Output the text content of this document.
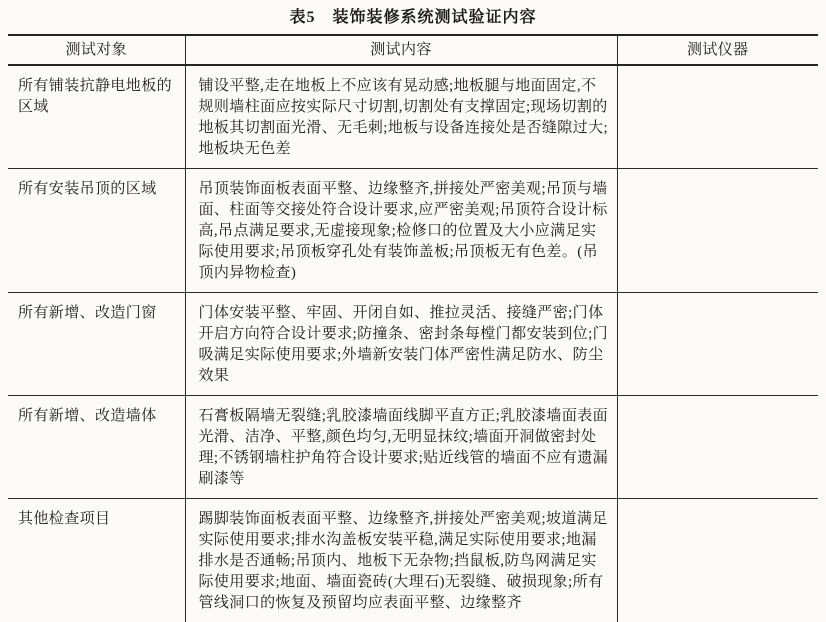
表5　装饰装修系统测试验证内容
测试对象	测试内容	测试仪器
所有铺装抗静电地板的区域	铺设平整,走在地板上不应该有晃动感;地板腿与地面固定,不规则墙柱面应按实际尺寸切割,切割处有支撑固定;现场切割的地板其切割面光滑、无毛刺;地板与设备连接处是否缝隙过大;地板块无色差	
所有安装吊顶的区域	吊顶装饰面板表面平整、边缘整齐,拼接处严密美观;吊顶与墙面、柱面等交接处符合设计要求,应严密美观;吊顶符合设计标高,吊点满足要求,无虚接现象;检修口的位置及大小应满足实际使用要求;吊顶板穿孔处有装饰盖板;吊顶板无有色差。(吊顶内异物检查)	
所有新增、改造门窗	门体安装平整、牢固、开闭自如、推拉灵活、接缝严密;门体开启方向符合设计要求;防撞条、密封条每樘门都安装到位;门吸满足实际使用要求;外墙新安装门体严密性满足防水、防尘效果	
所有新增、改造墙体	石膏板隔墙无裂缝;乳胶漆墙面线脚平直方正;乳胶漆墙面表面光滑、洁净、平整,颜色均匀,无明显抹纹;墙面开洞做密封处理;不锈钢墙柱护角符合设计要求;贴近线管的墙面不应有遗漏刷漆等	
其他检查项目	踢脚装饰面板表面平整、边缘整齐,拼接处严密美观;坡道满足实际使用要求;排水沟盖板安装平稳,满足实际使用要求;地漏排水是否通畅;吊顶内、地板下无杂物;挡鼠板,防鸟网满足实际使用要求;地面、墙面瓷砖(大理石)无裂缝、破损现象;所有管线洞口的恢复及预留均应表面平整、边缘整齐	
